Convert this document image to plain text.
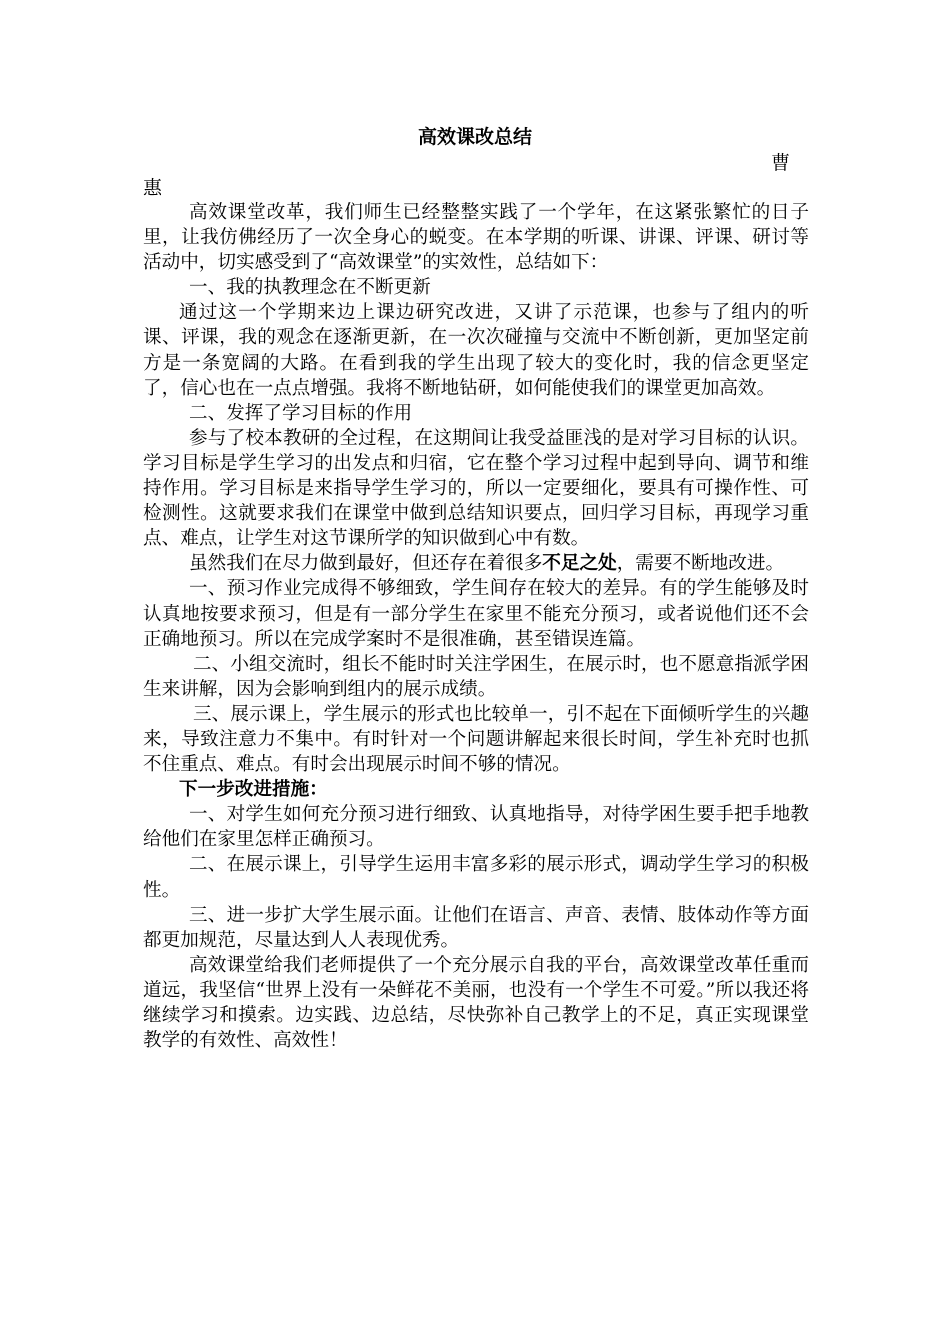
高效课改总结

曹

惠

高效课堂改革，我们师生已经整整实践了一个学年，在这紧张繁忙的日子里，让我仿佛经历了一次全身心的蜕变。在本学期的听课、讲课、评课、研讨等活动中，切实感受到了“高效课堂”的实效性，总结如下：

一、我的执教理念在不断更新

通过这一个学期来边上课边研究改进，又讲了示范课，也参与了组内的听课、评课，我的观念在逐渐更新，在一次次碰撞与交流中不断创新，更加坚定前方是一条宽阔的大路。在看到我的学生出现了较大的变化时，我的信念更坚定了，信心也在一点点增强。我将不断地钻研，如何能使我们的课堂更加高效。

二、发挥了学习目标的作用

参与了校本教研的全过程，在这期间让我受益匪浅的是对学习目标的认识。学习目标是学生学习的出发点和归宿，它在整个学习过程中起到导向、调节和维持作用。学习目标是来指导学生学习的，所以一定要细化，要具有可操作性、可检测性。这就要求我们在课堂中做到总结知识要点，回归学习目标，再现学习重点、难点，让学生对这节课所学的知识做到心中有数。

虽然我们在尽力做到最好，但还存在着很多不足之处，需要不断地改进。

一、预习作业完成得不够细致，学生间存在较大的差异。有的学生能够及时认真地按要求预习，但是有一部分学生在家里不能充分预习，或者说他们还不会正确地预习。所以在完成学案时不是很准确，甚至错误连篇。

二、小组交流时，组长不能时时关注学困生，在展示时，也不愿意指派学困生来讲解，因为会影响到组内的展示成绩。

三、展示课上，学生展示的形式也比较单一，引不起在下面倾听学生的兴趣来，导致注意力不集中。有时针对一个问题讲解起来很长时间，学生补充时也抓不住重点、难点。有时会出现展示时间不够的情况。

下一步改进措施：

一、对学生如何充分预习进行细致、认真地指导，对待学困生要手把手地教给他们在家里怎样正确预习。

二、在展示课上，引导学生运用丰富多彩的展示形式，调动学生学习的积极性。

三、进一步扩大学生展示面。让他们在语言、声音、表情、肢体动作等方面都更加规范，尽量达到人人表现优秀。

高效课堂给我们老师提供了一个充分展示自我的平台，高效课堂改革任重而道远，我坚信“世界上没有一朵鲜花不美丽，也没有一个学生不可爱。”所以我还将继续学习和摸索。边实践、边总结，尽快弥补自己教学上的不足，真正实现课堂教学的有效性、高效性！
